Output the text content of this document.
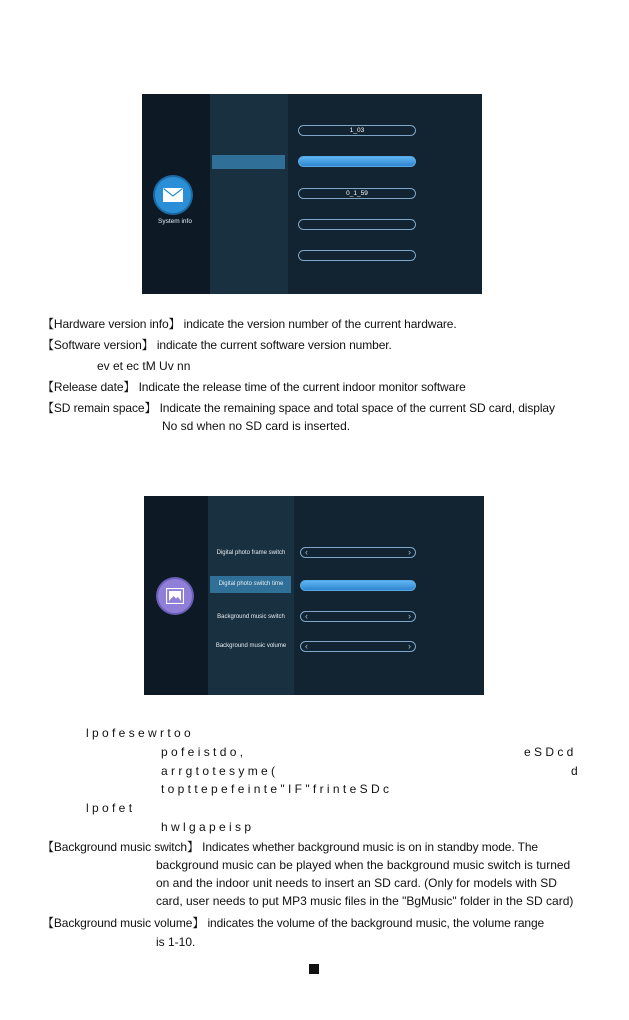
System info
1_03
0_1_59
【Hardware version info】 indicate the version number of the current hardware.
【Software version】 indicate the current software version number.
ev et ec tM Uv nn
【Release date】 Indicate the release time of the current indoor monitor software
【SD remain space】 Indicate the remaining space and total space of the current SD card, display
No sd when no SD card is inserted.
Digital photo frame switch
Digital photo switch time
Background music switch
Background music volume
‹	›
‹	›
‹	›
l p o f e s e w r t o o
p o f e i s t d o ,	e S D c d
a r r g t o t e s y m e (	d
t o p t t e p e f e i n t e " I F " f r i n t e S D c
l p o f e t
h w l g a p e i s p
【Background music switch】 Indicates whether background music is on in standby mode. The
background music can be played when the background music switch is turned
on and the indoor unit needs to insert an SD card. (Only for models with SD
card, user needs to put MP3 music files in the "BgMusic" folder in the SD card)
【Background music volume】 indicates the volume of the background music, the volume range
is 1-10.
